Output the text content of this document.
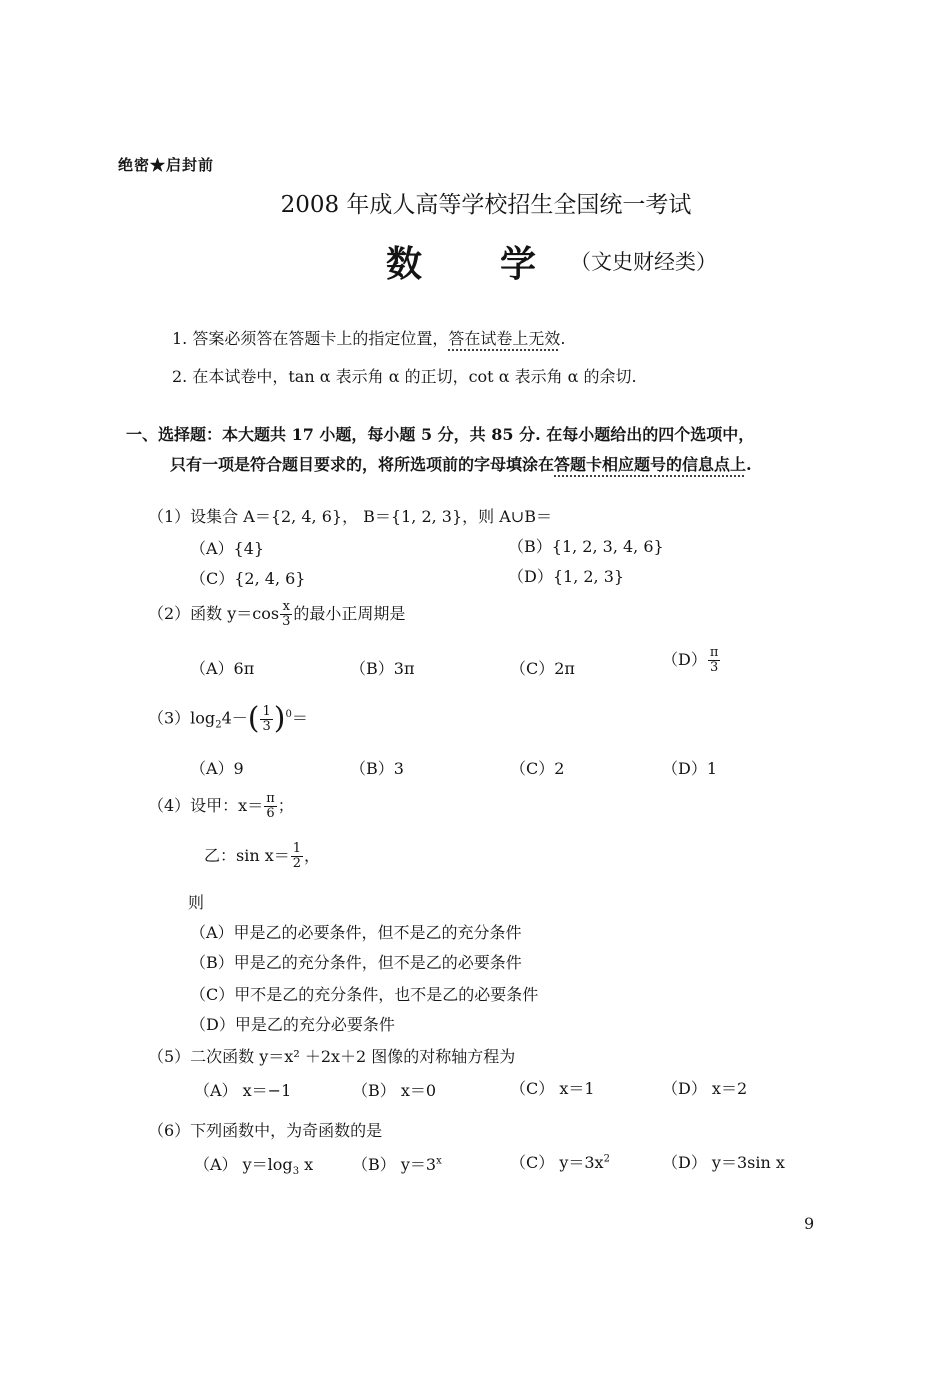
绝密★启封前
2008 年成人高等学校招生全国统一考试
数 学 （文史财经类）
1. 答案必须答在答题卡上的指定位置，答在试卷上无效.
2. 在本试卷中，tan α 表示角 α 的正切，cot α 表示角 α 的余切.
一、选择题：本大题共 17 小题，每小题 5 分，共 85 分. 在每小题给出的四个选项中，
只有一项是符合题目要求的，将所选项前的字母填涂在答题卡相应题号的信息点上.
（1）设集合 A＝{2, 4, 6}， B＝{1, 2, 3}，则 A∪B＝
（A）{4}	（B）{1, 2, 3, 4, 6}
（C）{2, 4, 6}	（D）{1, 2, 3}
（2）函数 $y=\cos \frac{x}{3}$ 的最小正周期是
（A）6π	（B）3π	（C）2π	$(D) \frac{\pi}{3}$
$(3)\log_24-( \frac{1}{3} )^0=$
（A）9	（B）3	（C）2	（D）1
（4）设甲：$x= \frac{\pi}{6}$ ；
乙：$\sin x= \frac{1}{2}$ ，
则
（A）甲是乙的必要条件，但不是乙的充分条件
（B）甲是乙的充分条件，但不是乙的必要条件
（C）甲不是乙的充分条件，也不是乙的必要条件
（D）甲是乙的充分必要条件
（5）二次函数 y＝x² ＋2x＋2 图像的对称轴方程为
（A） x＝−1	（B） x＝0	（C） x＝1	（D） x＝2
（6）下列函数中，为奇函数的是
（A） $y=\log_3$ x （B） $y=3^x$	（C） $y=3x^2$	（D） y＝3sin x
9
